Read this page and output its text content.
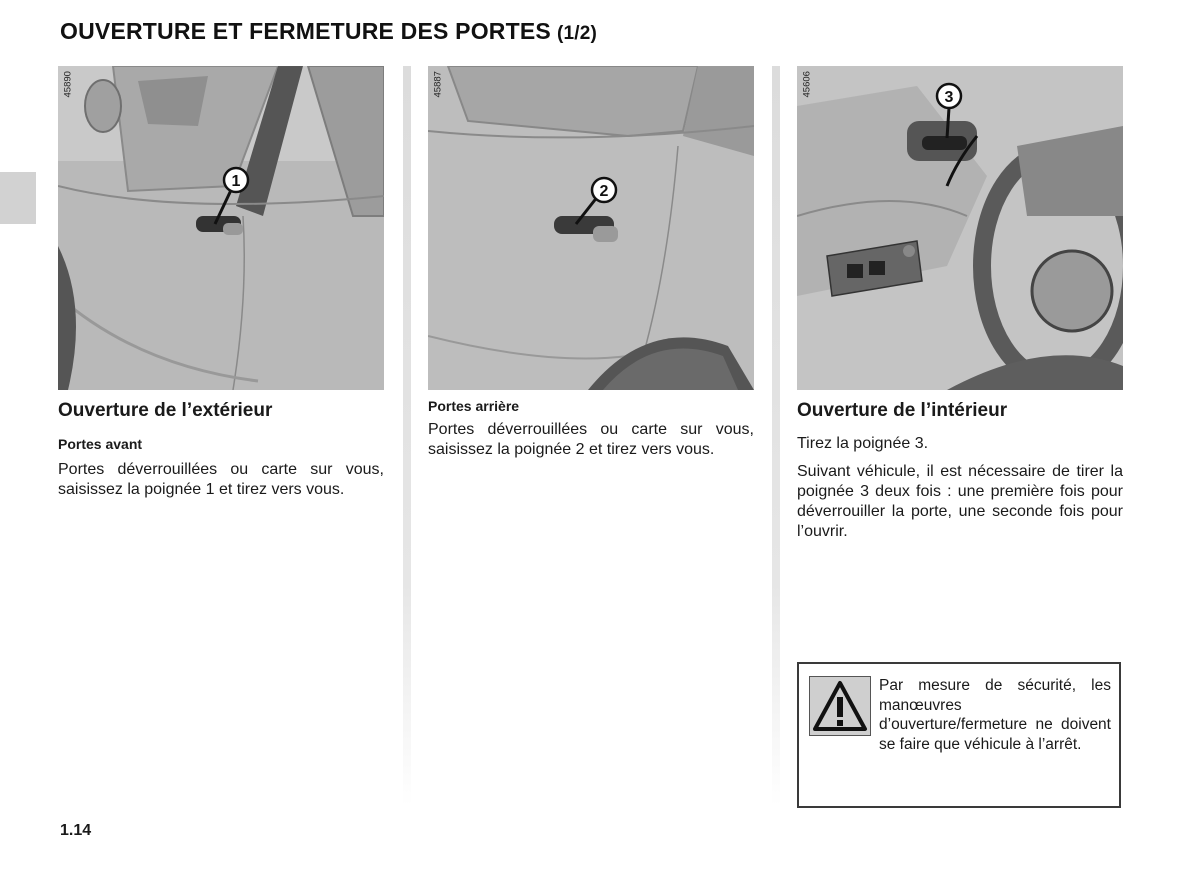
OUVERTURE ET FERMETURE DES PORTES (1/2)
1
45890
Ouverture de l’extérieur
Portes avant
Portes déverrouillées ou carte sur vous, saisissez la poignée 1 et tirez vers vous.
2
45887
Portes arrière
Portes déverrouillées ou carte sur vous, saisissez la poignée 2 et tirez vers vous.
3
45606
Ouverture de l’intérieur
Tirez la poignée 3.
Suivant véhicule, il est nécessaire de tirer la poignée 3 deux fois : une première fois pour déverrouiller la porte, une seconde fois pour l’ouvrir.
Par mesure de sécurité, les manœuvres d’ouverture/fermeture ne doivent se faire que véhicule à l’arrêt.
1.14
